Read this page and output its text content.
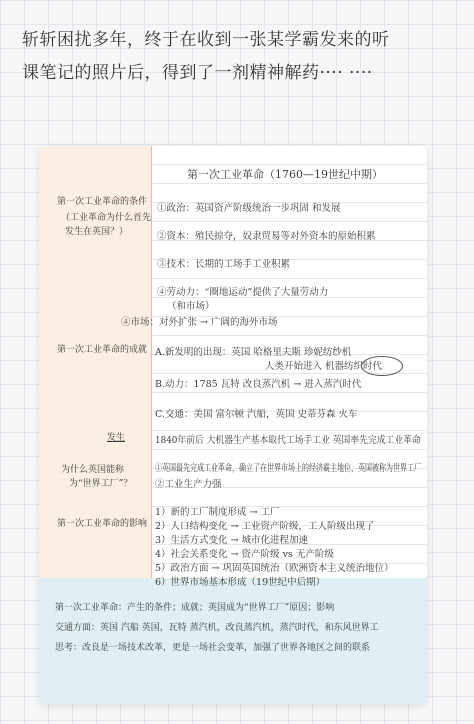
斩斩困扰多年，终于在收到一张某学霸发来的听
课笔记的照片后，得到了一剂精神解药···· ····
第一次工业革命（1760—19世纪中期）
第一次工业革命的条件
（工业革命为什么首先
发生在英国？）
第一次工业革命的成就
发生
为什么英国能称
为“世界工厂”？
第一次工业革命的影响
①政治：英国资产阶级统治一步巩固 和发展
②资本：殖民掠夺，奴隶贸易等对外资本的原始积累
③技术：长期的工场手工业积累
④劳动力：“圈地运动”提供了大量劳动力
（和市场）
④市场：对外扩张 → 广阔的海外市场
A.新发明的出现：英国 哈格里夫斯 珍妮纺纱机
人类开始进入 机器纺织时代
B.动力：1785 瓦特 改良蒸汽机 → 进入蒸汽时代
C.交通：美国 富尔顿 汽船，英国 史蒂芬森 火车
1840年前后 大机器生产基本取代工场手工业 英国率先完成工业革命
①英国最先完成工业革命，确立了在世界市场上的经济霸主地位，英国被称为世界工厂
②工业生产力强
1）新的工厂制度形成 → 工厂
2）人口结构变化 → 工业资产阶级，工人阶级出现了
3）生活方式变化 → 城市化进程加速
4）社会关系变化 → 资产阶级 vs 无产阶级
5）政治方面 → 巩固英国统治（欧洲资本主义统治地位）
6）世界市场基本形成（19世纪中后期）
第一次工业革命：产生的条件；成就；英国成为“世界工厂”原因；影响
交通方面：英国 汽船 英国，瓦特 蒸汽机，改良蒸汽机，蒸汽时代，和东风世界工
思考：改良是一场技术改革，更是一场社会变革，加强了世界各地区之间的联系
